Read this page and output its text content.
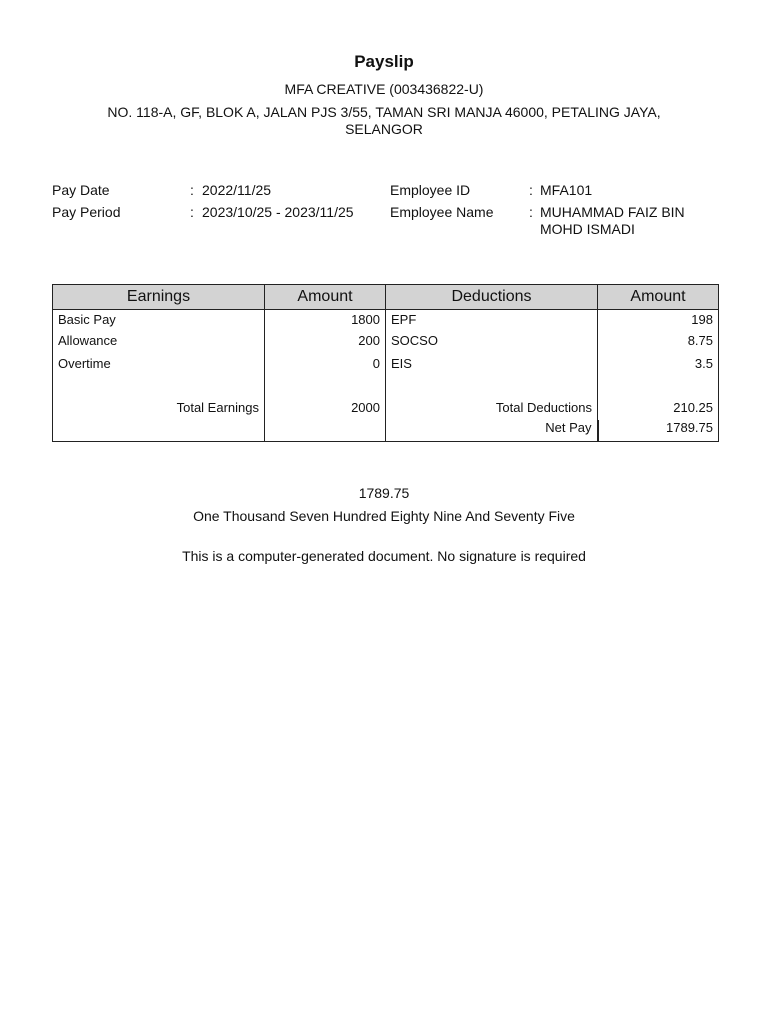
Payslip
MFA CREATIVE (003436822-U)
NO. 118-A, GF, BLOK A, JALAN PJS 3/55, TAMAN SRI MANJA 46000, PETALING JAYA, SELANGOR
Pay Date	: 2022/11/25
Pay Period	: 2023/10/25 - 2023/11/25
Employee ID	: MFA101
Employee Name	: MUHAMMAD FAIZ BIN
MOHD ISMADI
Earnings	Amount	Deductions	Amount
Basic Pay	1800	EPF	198
Allowance	200	SOCSO	8.75
Overtime	0	EIS	3.5
Total Earnings	2000	Total Deductions	210.25
		Net Pay	1789.75
1789.75
One Thousand Seven Hundred Eighty Nine And Seventy Five
This is a computer-generated document. No signature is required
